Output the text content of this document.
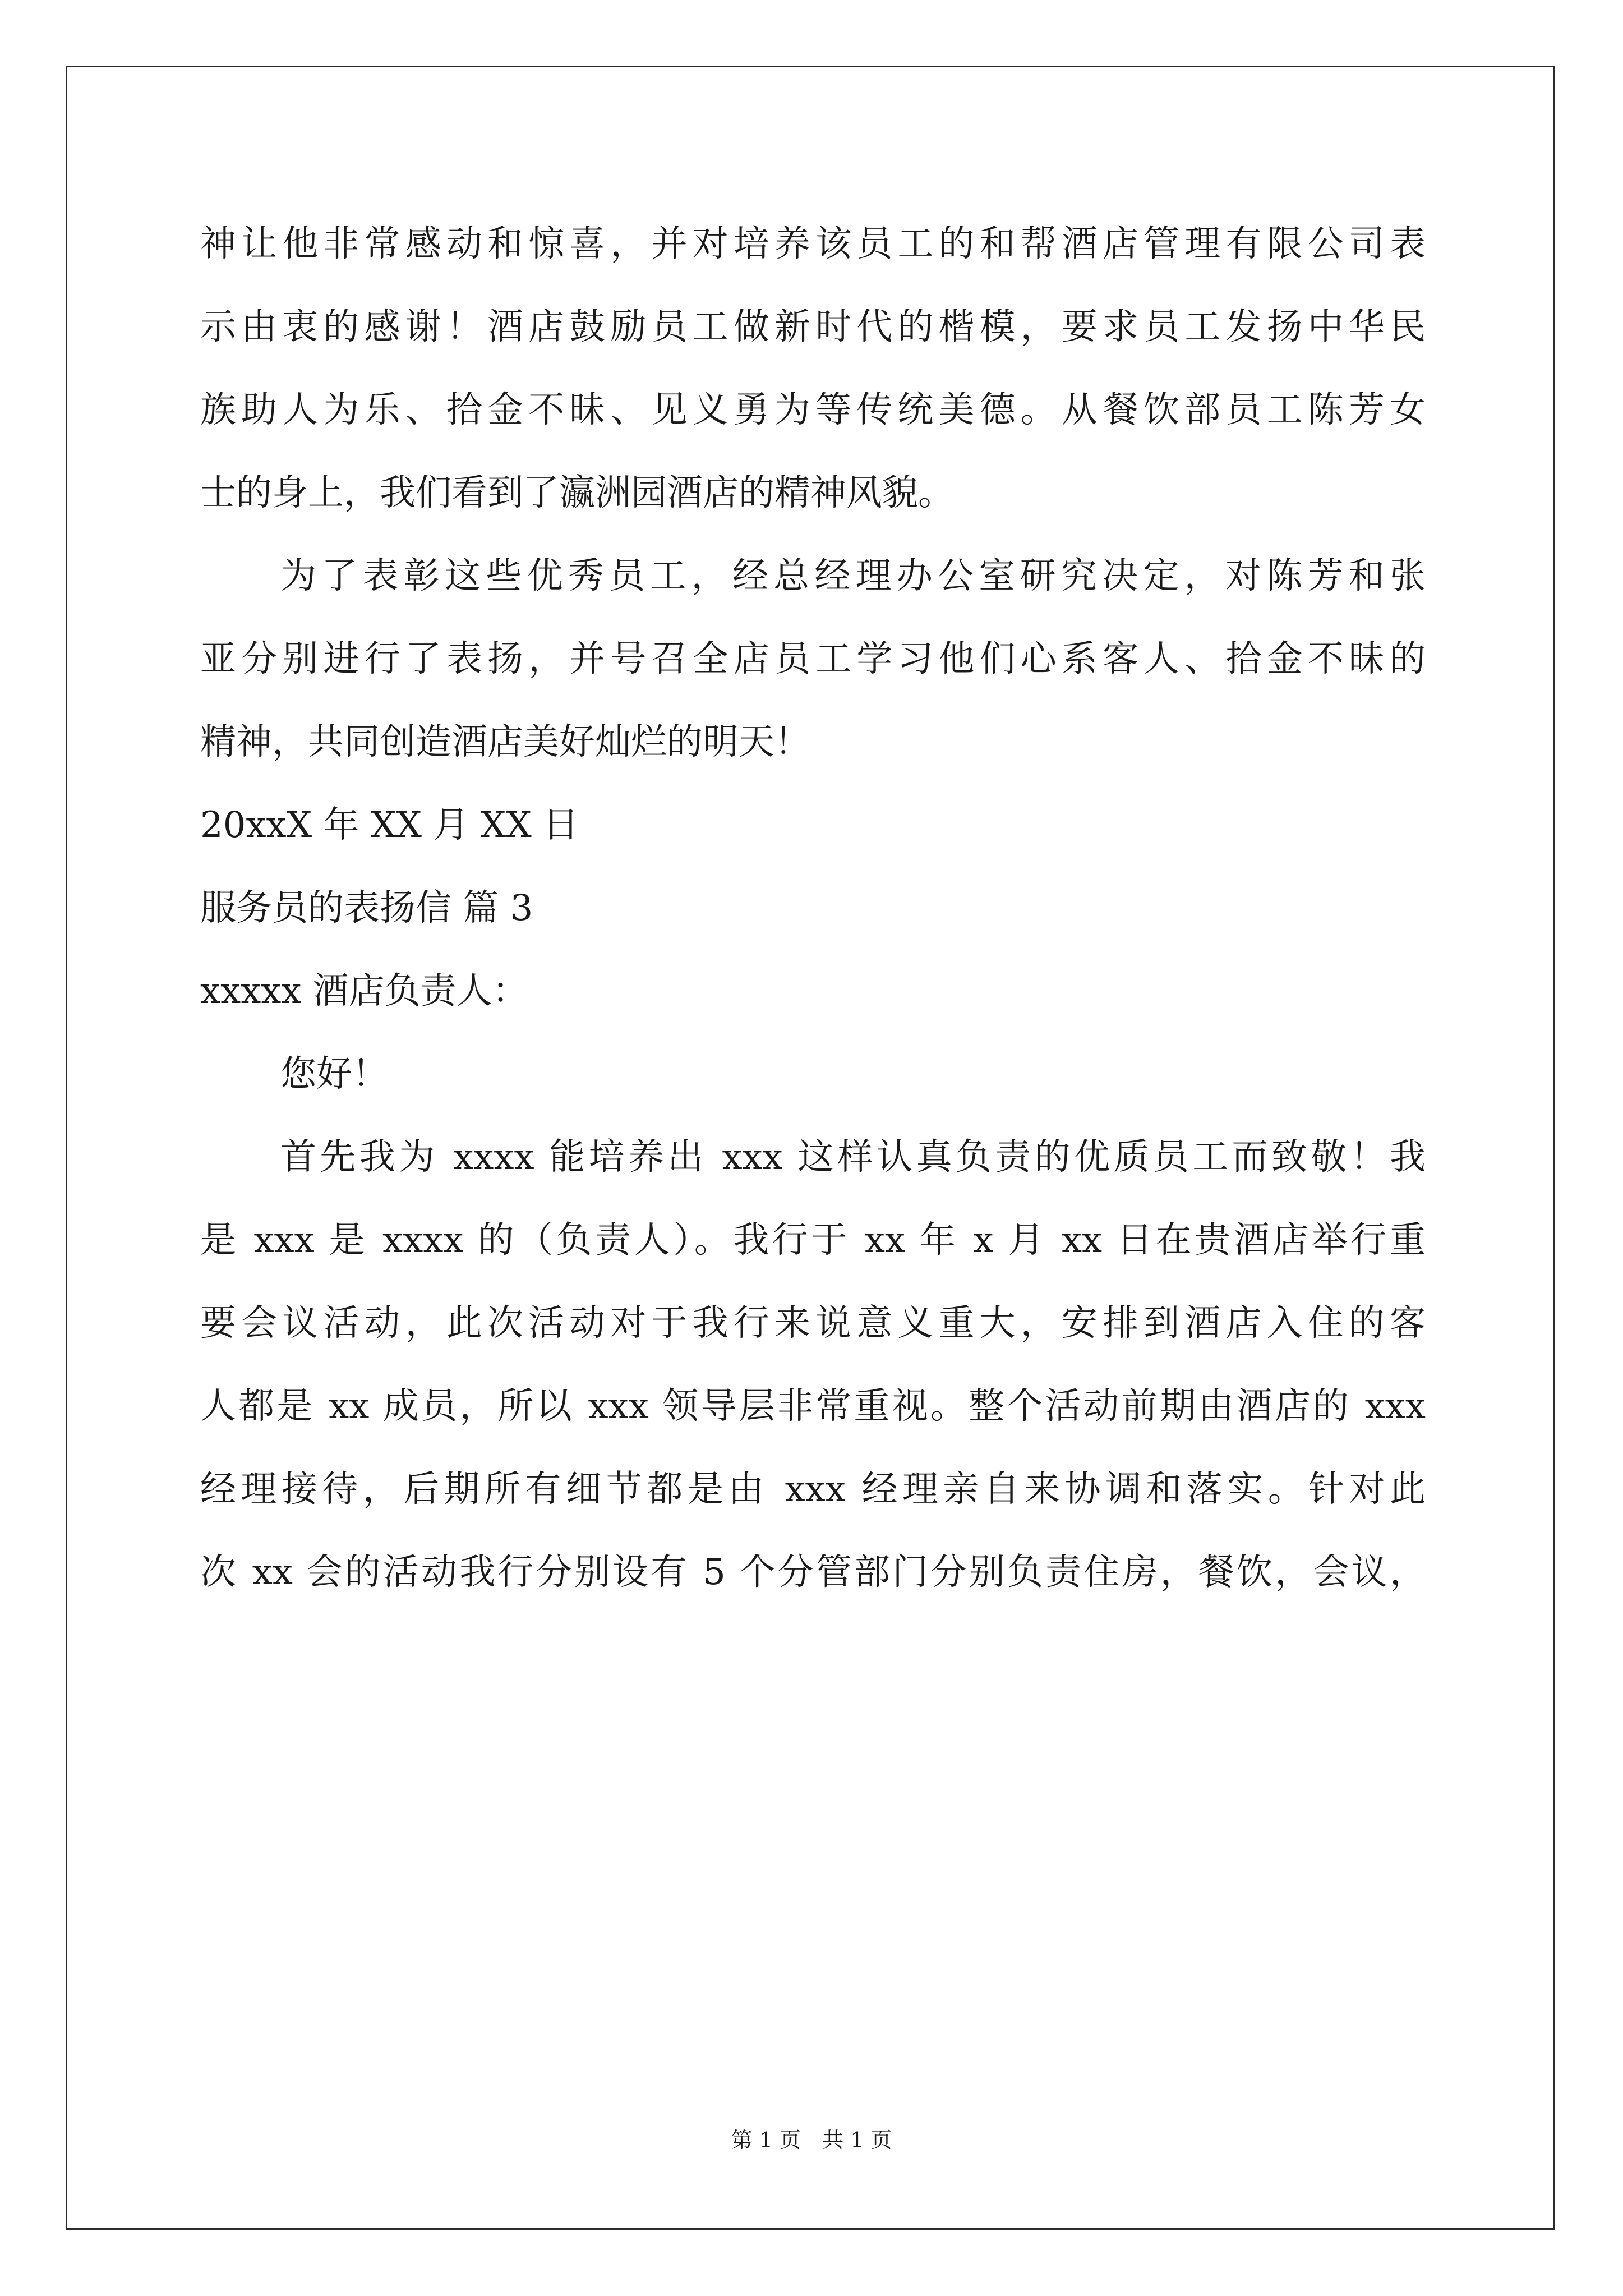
神让他非常感动和惊喜，并对培养该员工的和帮酒店管理有限公司表
示由衷的感谢！酒店鼓励员工做新时代的楷模，要求员工发扬中华民
族助人为乐、拾金不昧、见义勇为等传统美德。从餐饮部员工陈芳女
士的身上，我们看到了瀛洲园酒店的精神风貌。
为了表彰这些优秀员工，经总经理办公室研究决定，对陈芳和张
亚分别进行了表扬，并号召全店员工学习他们心系客人、拾金不昧的
精神，共同创造酒店美好灿烂的明天！
20xxX 年 XX 月 XX 日
服务员的表扬信 篇 3
xxxxx 酒店负责人：
您好！
首先我为 xxxx 能培养出 xxx 这样认真负责的优质员工而致敬！我
是 xxx 是 xxxx 的（负责人）。我行于 xx 年 x 月 xx 日在贵酒店举行重
要会议活动，此次活动对于我行来说意义重大，安排到酒店入住的客
人都是 xx 成员，所以 xxx 领导层非常重视。整个活动前期由酒店的 xxx
经理接待，后期所有细节都是由 xxx 经理亲自来协调和落实。针对此
次 xx 会的活动我行分别设有 5 个分管部门分别负责住房，餐饮，会议，
第 1 页　共 1 页
